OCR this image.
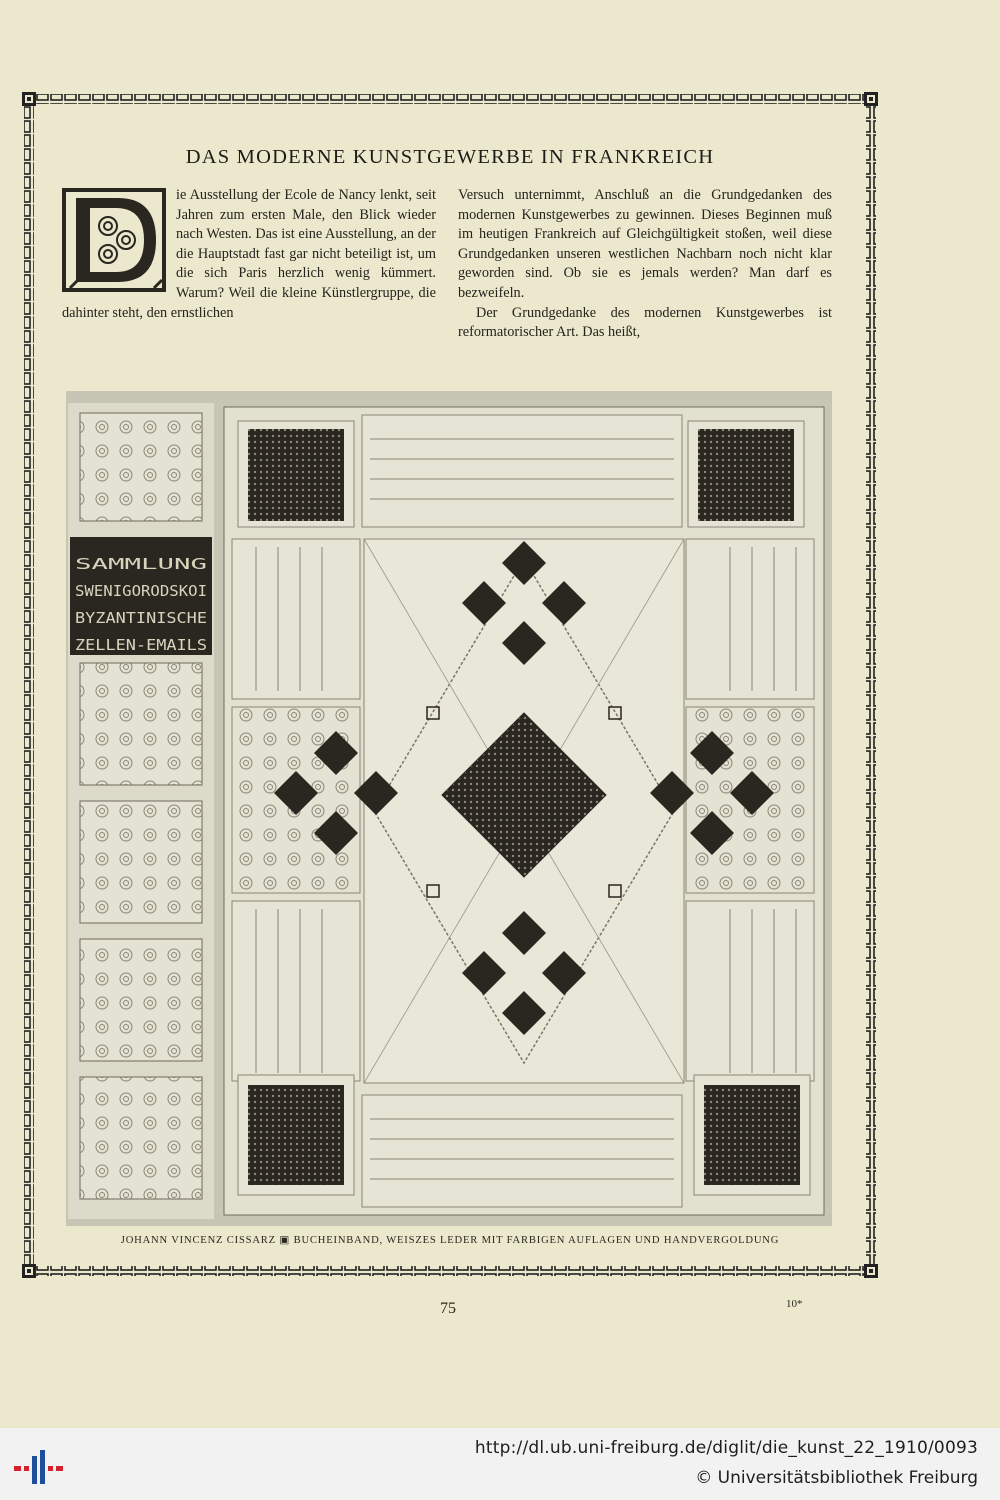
DAS MODERNE KUNSTGEWERBE IN FRANKREICH

ie Ausstellung der Ecole de Nancy lenkt, seit Jahren zum ersten Male, den Blick wieder nach Westen. Das ist eine Ausstellung, an der die Hauptstadt fast gar nicht beteiligt ist, um die sich Paris herzlich wenig kümmert. Warum? Weil die kleine Künstlergruppe, die dahinter steht, den ernstlichen

Versuch unternimmt, Anschluß an die Grundgedanken des modernen Kunstgewerbes zu gewinnen. Dieses Beginnen muß im heutigen Frankreich auf Gleichgültigkeit stoßen, weil diese Grundgedanken unseren westlichen Nachbarn noch nicht klar geworden sind. Ob sie es jemals werden? Man darf es bezweifeln.

Der Grundgedanke des modernen Kunstgewerbes ist reformatorischer Art. Das heißt,

SAMMLUNG
SWENIGORODSKOI
BYZANTINISCHE
ZELLEN-EMAILS
JOHANN VINCENZ CISSARZ ▣ BUCHEINBAND, WEISZES LEDER MIT FARBIGEN AUFLAGEN UND HANDVERGOLDUNG
75	10*
http://dl.ub.uni-freiburg.de/diglit/die_kunst_22_1910/0093
© Universitätsbibliothek Freiburg
